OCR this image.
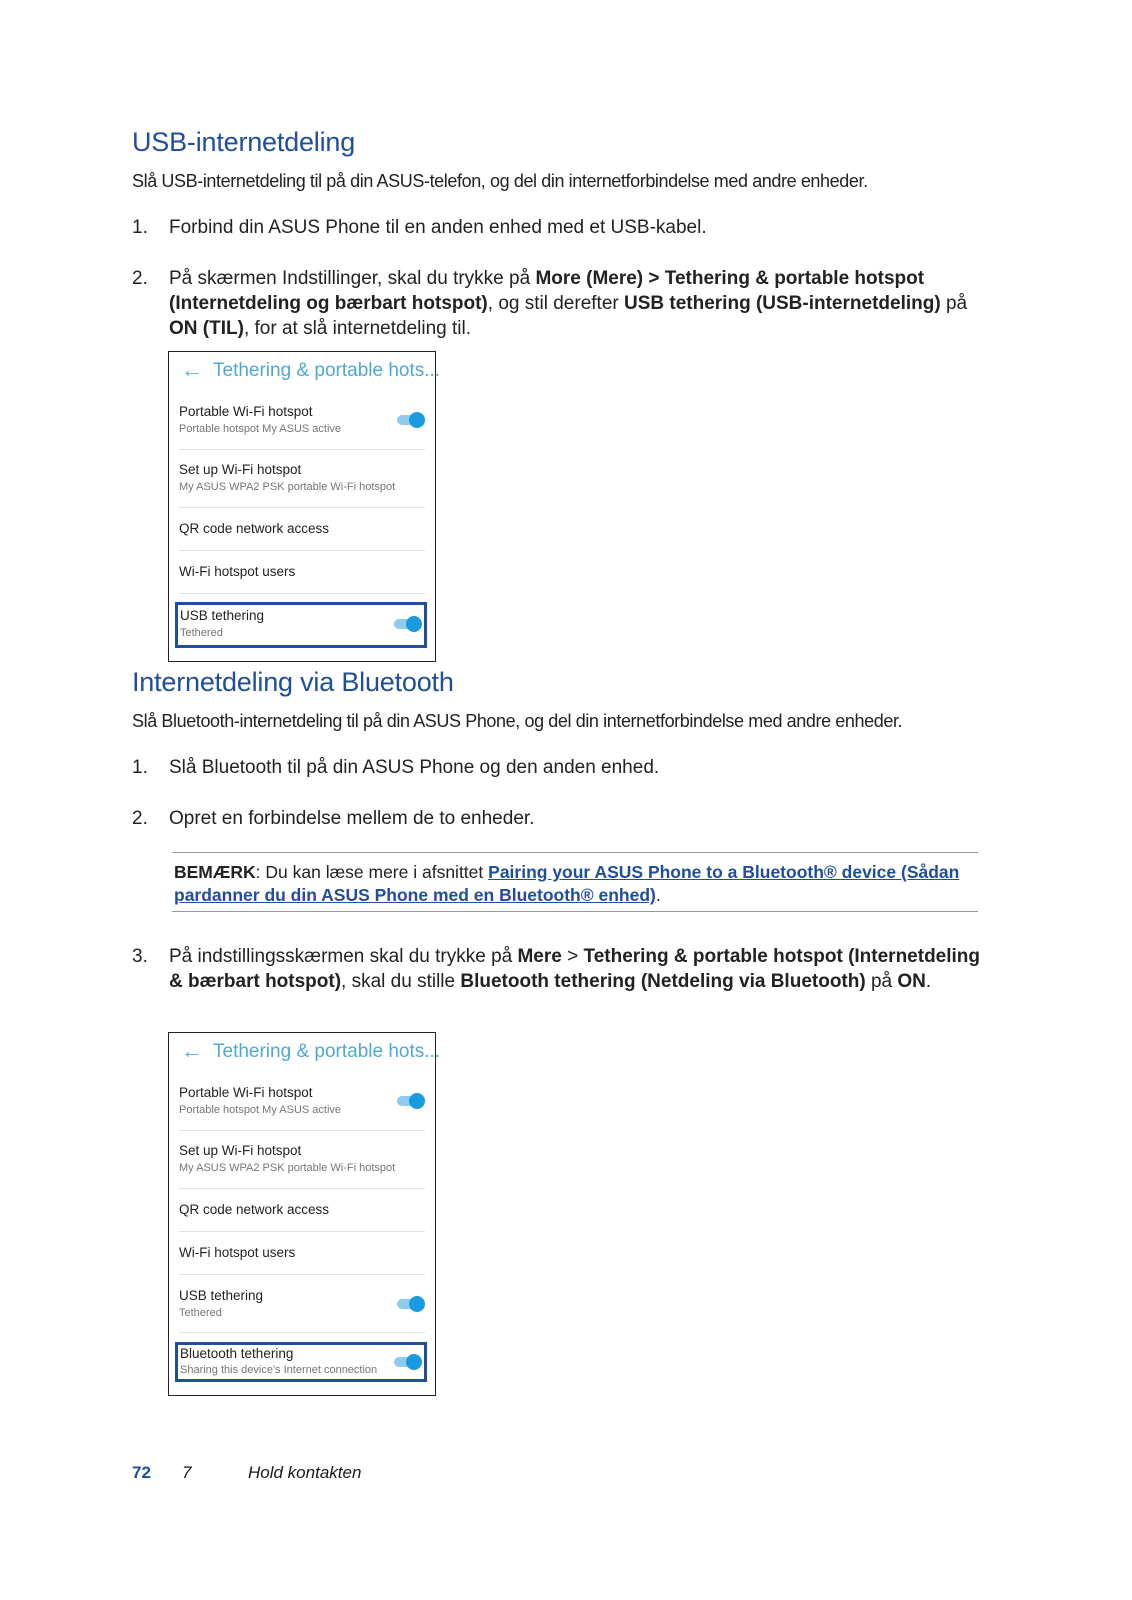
USB-internetdeling
Slå USB-internetdeling til på din ASUS-telefon, og del din internetforbindelse med andre enheder.
1. Forbind din ASUS Phone til en anden enhed med et USB-kabel.
2. På skærmen Indstillinger, skal du trykke på More (Mere) > Tethering & portable hotspot (Internetdeling og bærbart hotspot), og stil derefter USB tethering (USB-internetdeling) på ON (TIL), for at slå internetdeling til.
← Tethering & portable hots...
Portable Wi-Fi hotspot
Portable hotspot My ASUS active
Set up Wi-Fi hotspot
My ASUS WPA2 PSK portable Wi-Fi hotspot
QR code network access
Wi-Fi hotspot users
USB tethering
Tethered
Internetdeling via Bluetooth
Slå Bluetooth-internetdeling til på din ASUS Phone, og del din internetforbindelse med andre enheder.
1. Slå Bluetooth til på din ASUS Phone og den anden enhed.
2. Opret en forbindelse mellem de to enheder.
BEMÆRK: Du kan læse mere i afsnittet Pairing your ASUS Phone to a Bluetooth® device (Sådan pardanner du din ASUS Phone med en Bluetooth® enhed).
3. På indstillingsskærmen skal du trykke på Mere > Tethering & portable hotspot (Internetdeling & bærbart hotspot), skal du stille Bluetooth tethering (Netdeling via Bluetooth) på ON.
← Tethering & portable hots...
Portable Wi-Fi hotspot
Portable hotspot My ASUS active
Set up Wi-Fi hotspot
My ASUS WPA2 PSK portable Wi-Fi hotspot
QR code network access
Wi-Fi hotspot users
USB tethering
Tethered
Bluetooth tethering
Sharing this device's Internet connection
72 7	Hold kontakten
